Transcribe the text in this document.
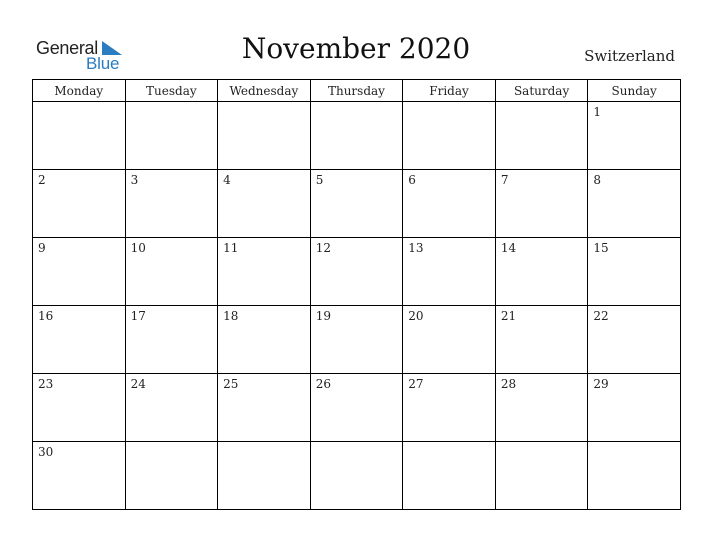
General
Blue	November 2020	Switzerland
Monday	Tuesday	Wednesday	Thursday	Friday	Saturday	Sunday
						1
2	3	4	5	6	7	8
9	10	11	12	13	14	15
16	17	18	19	20	21	22
23	24	25	26	27	28	29
30						
